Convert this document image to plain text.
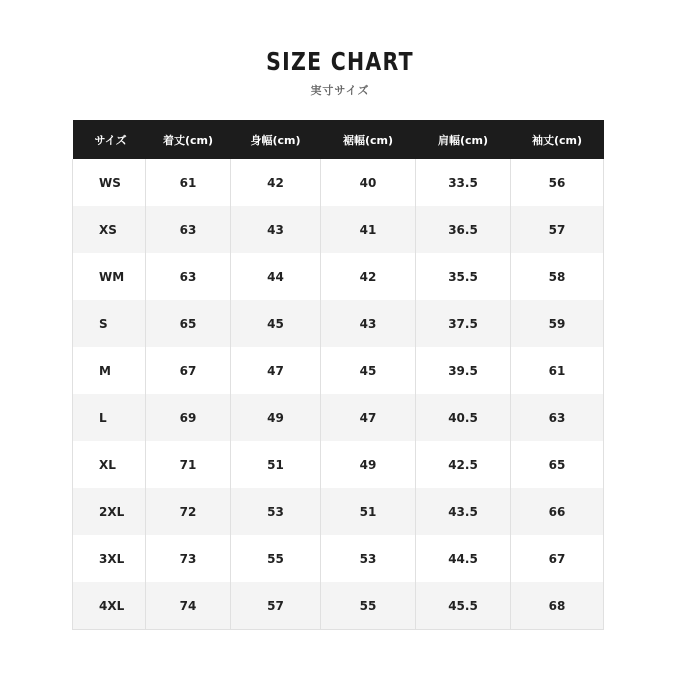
SIZE CHART
実寸サイズ
サイズ	着丈(cm)	身幅(cm)	裾幅(cm)	肩幅(cm)	袖丈(cm)
WS	61	42	40	33.5	56
XS	63	43	41	36.5	57
WM	63	44	42	35.5	58
S	65	45	43	37.5	59
M	67	47	45	39.5	61
L	69	49	47	40.5	63
XL	71	51	49	42.5	65
2XL	72	53	51	43.5	66
3XL	73	55	53	44.5	67
4XL	74	57	55	45.5	68
